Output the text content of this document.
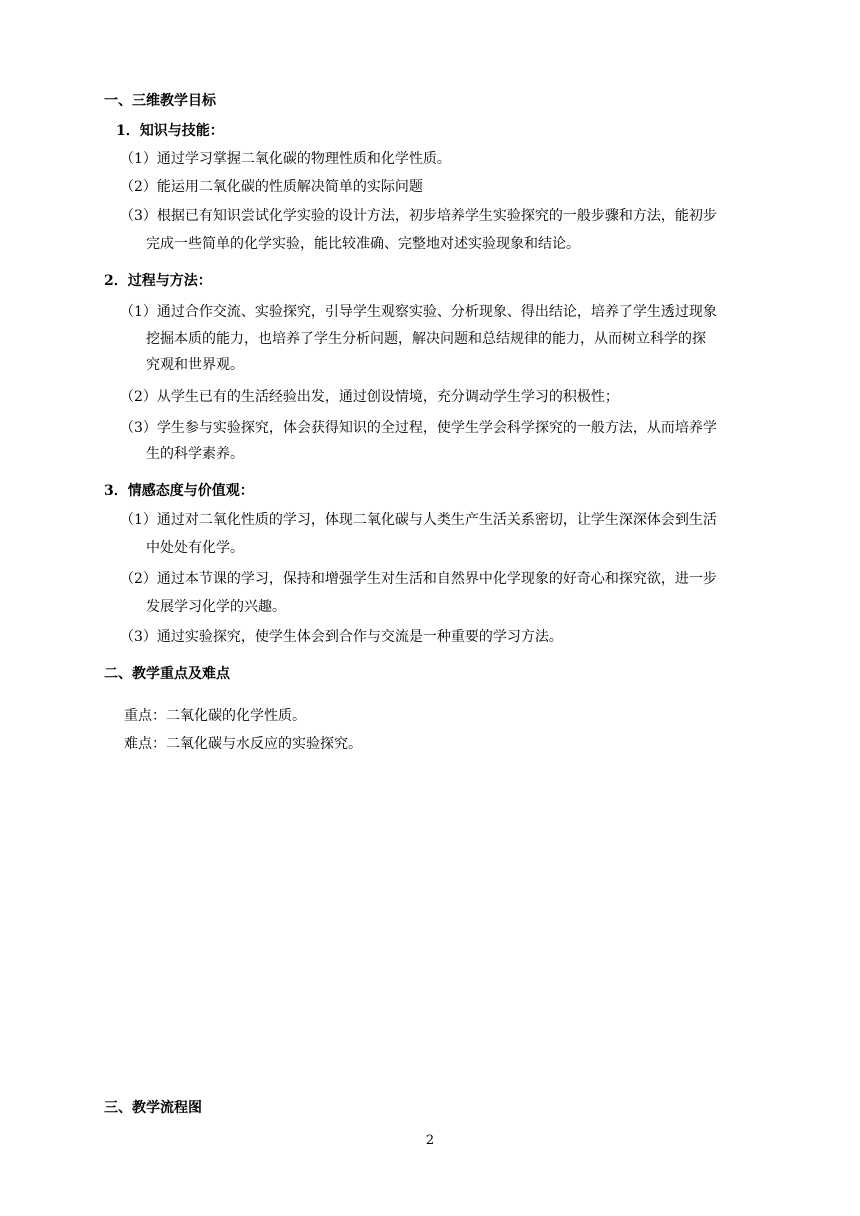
一、三维教学目标
1．知识与技能：
（1）通过学习掌握二氧化碳的物理性质和化学性质。
（2）能运用二氧化碳的性质解决简单的实际问题
（3）根据已有知识尝试化学实验的设计方法，初步培养学生实验探究的一般步骤和方法，能初步
完成一些简单的化学实验，能比较准确、完整地对述实验现象和结论。
2．过程与方法：
（1）通过合作交流、实验探究，引导学生观察实验、分析现象、得出结论，培养了学生透过现象
挖掘本质的能力，也培养了学生分析问题，解决问题和总结规律的能力，从而树立科学的探
究观和世界观。
（2）从学生已有的生活经验出发，通过创设情境，充分调动学生学习的积极性；
（3）学生参与实验探究，体会获得知识的全过程，使学生学会科学探究的一般方法，从而培养学
生的科学素养。
3．情感态度与价值观：
（1）通过对二氧化性质的学习，体现二氧化碳与人类生产生活关系密切，让学生深深体会到生活
中处处有化学。
（2）通过本节课的学习，保持和增强学生对生活和自然界中化学现象的好奇心和探究欲，进一步
发展学习化学的兴趣。
（3）通过实验探究，使学生体会到合作与交流是一种重要的学习方法。
二、教学重点及难点
重点：二氧化碳的化学性质。
难点：二氧化碳与水反应的实验探究。
三、教学流程图
2
